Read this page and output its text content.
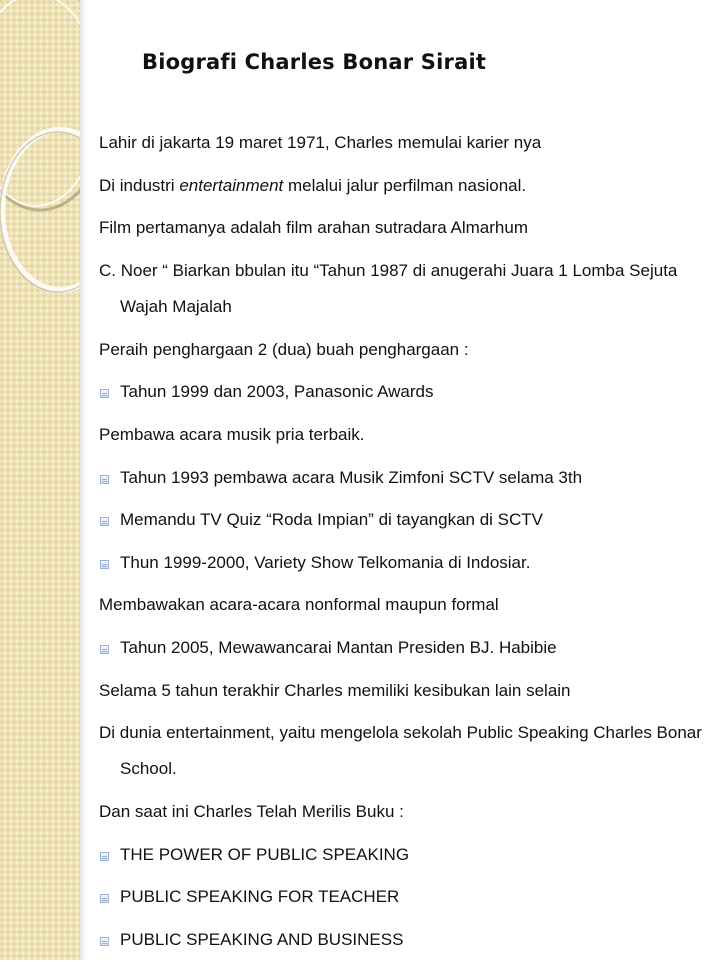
Biografi Charles Bonar Sirait

Lahir di jakarta 19 maret 1971, Charles memulai karier nya

Di industri entertainment melalui jalur perfilman nasional.

Film pertamanya adalah film arahan sutradara Almarhum

C. Noer “ Biarkan bbulan itu “Tahun 1987 di anugerahi Juara 1 Lomba Sejuta Wajah Majalah

Peraih penghargaan 2 (dua) buah penghargaan :

Tahun 1999 dan 2003, Panasonic Awards

Pembawa acara musik pria terbaik.

Tahun 1993 pembawa acara Musik Zimfoni SCTV selama 3th

Memandu TV Quiz “Roda Impian” di tayangkan di SCTV

Thun 1999-2000, Variety Show Telkomania di Indosiar.

Membawakan acara-acara nonformal maupun formal

Tahun 2005, Mewawancarai Mantan Presiden BJ. Habibie

Selama 5 tahun terakhir Charles memiliki kesibukan lain selain

Di dunia entertainment, yaitu mengelola sekolah Public Speaking Charles Bonar School.

Dan saat ini Charles Telah Merilis Buku :

THE POWER OF PUBLIC SPEAKING

PUBLIC SPEAKING FOR TEACHER

PUBLIC SPEAKING AND BUSINESS
